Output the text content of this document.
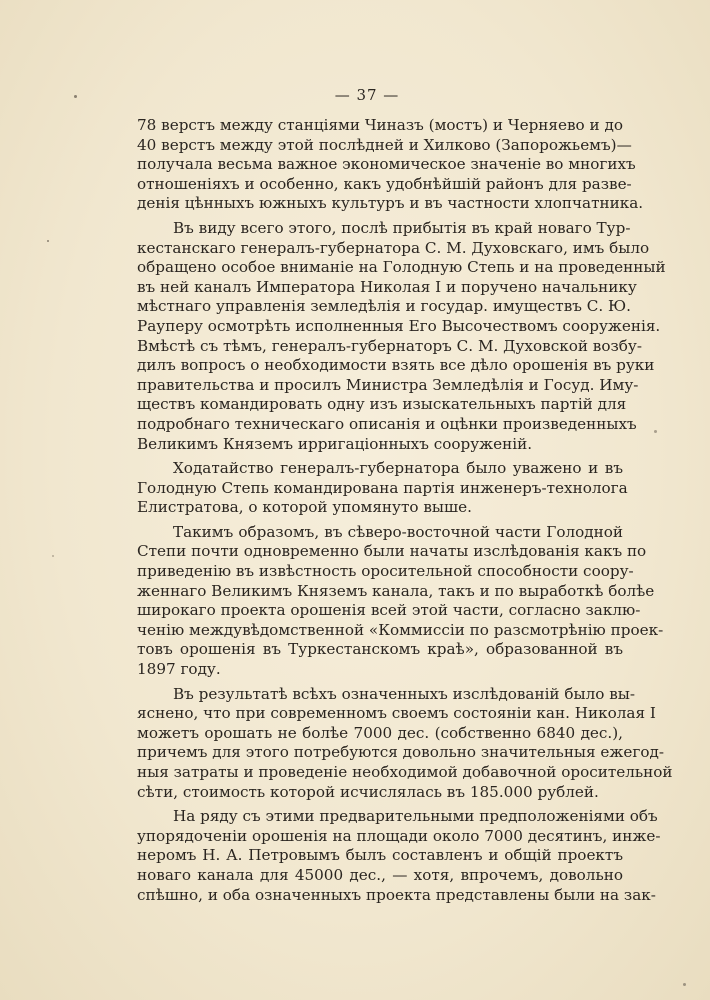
— 37 —
78 верстъ между станціями Чиназъ (мостъ) и Черняево и до
40 верстъ между этой послѣдней и Хилково (Запорожьемъ)—
получала весьма важное экономическое значеніе во многихъ
отношеніяхъ и особенно, какъ удобнѣйшій районъ для разве-
денія цѣнныхъ южныхъ культуръ и въ частности хлопчатника.
Въ виду всего этого, послѣ прибытія въ край новаго Тур-
кестанскаго генералъ-губернатора С. М. Духовскаго, имъ было
обращено особое вниманіе на Голодную Степь и на проведенный
въ ней каналъ Императора Николая I и поручено начальнику
мѣстнаго управленія земледѣлія и государ. имуществъ С. Ю.
Рауперу осмотрѣть исполненныя Его Высочествомъ сооруженія.
Вмѣстѣ съ тѣмъ, генералъ-губернаторъ С. М. Духовской возбу-
дилъ вопросъ о необходимости взять все дѣло орошенія въ руки
правительства и просилъ Министра Земледѣлія и Госуд. Иму-
ществъ командировать одну изъ изыскательныхъ партій для
подробнаго техническаго описанія и оцѣнки произведенныхъ
Великимъ Княземъ ирригаціонныхъ сооруженій.
Ходатайство генералъ-губернатора было уважено и въ
Голодную Степь командирована партія инженеръ-технолога
Елистратова, о которой упомянуто выше.
Такимъ образомъ, въ сѣверо-восточной части Голодной
Степи почти одновременно были начаты изслѣдованія какъ по
приведенію въ извѣстность оросительной способности соору-
женнаго Великимъ Княземъ канала, такъ и по выработкѣ болѣе
широкаго проекта орошенія всей этой части, согласно заклю-
ченію междувѣдомственной «Коммиссіи по разсмотрѣнію проек-
товъ орошенія въ Туркестанскомъ краѣ», образованной въ
1897 году.
Въ результатѣ всѣхъ означенныхъ изслѣдованій было вы-
яснено, что при современномъ своемъ состояніи кан. Николая I
можетъ орошать не болѣе 7000 дес. (собственно 6840 дес.),
причемъ для этого потребуются довольно значительныя ежегод-
ныя затраты и проведеніе необходимой добавочной оросительной
сѣти, стоимость которой исчислялась въ 185.000 рублей.
На ряду съ этими предварительными предположеніями объ
упорядоченіи орошенія на площади около 7000 десятинъ, инже-
неромъ Н. А. Петровымъ былъ составленъ и общій проектъ
новаго канала для 45000 дес., — хотя, впрочемъ, довольно
спѣшно, и оба означенныхъ проекта представлены были на зак-
